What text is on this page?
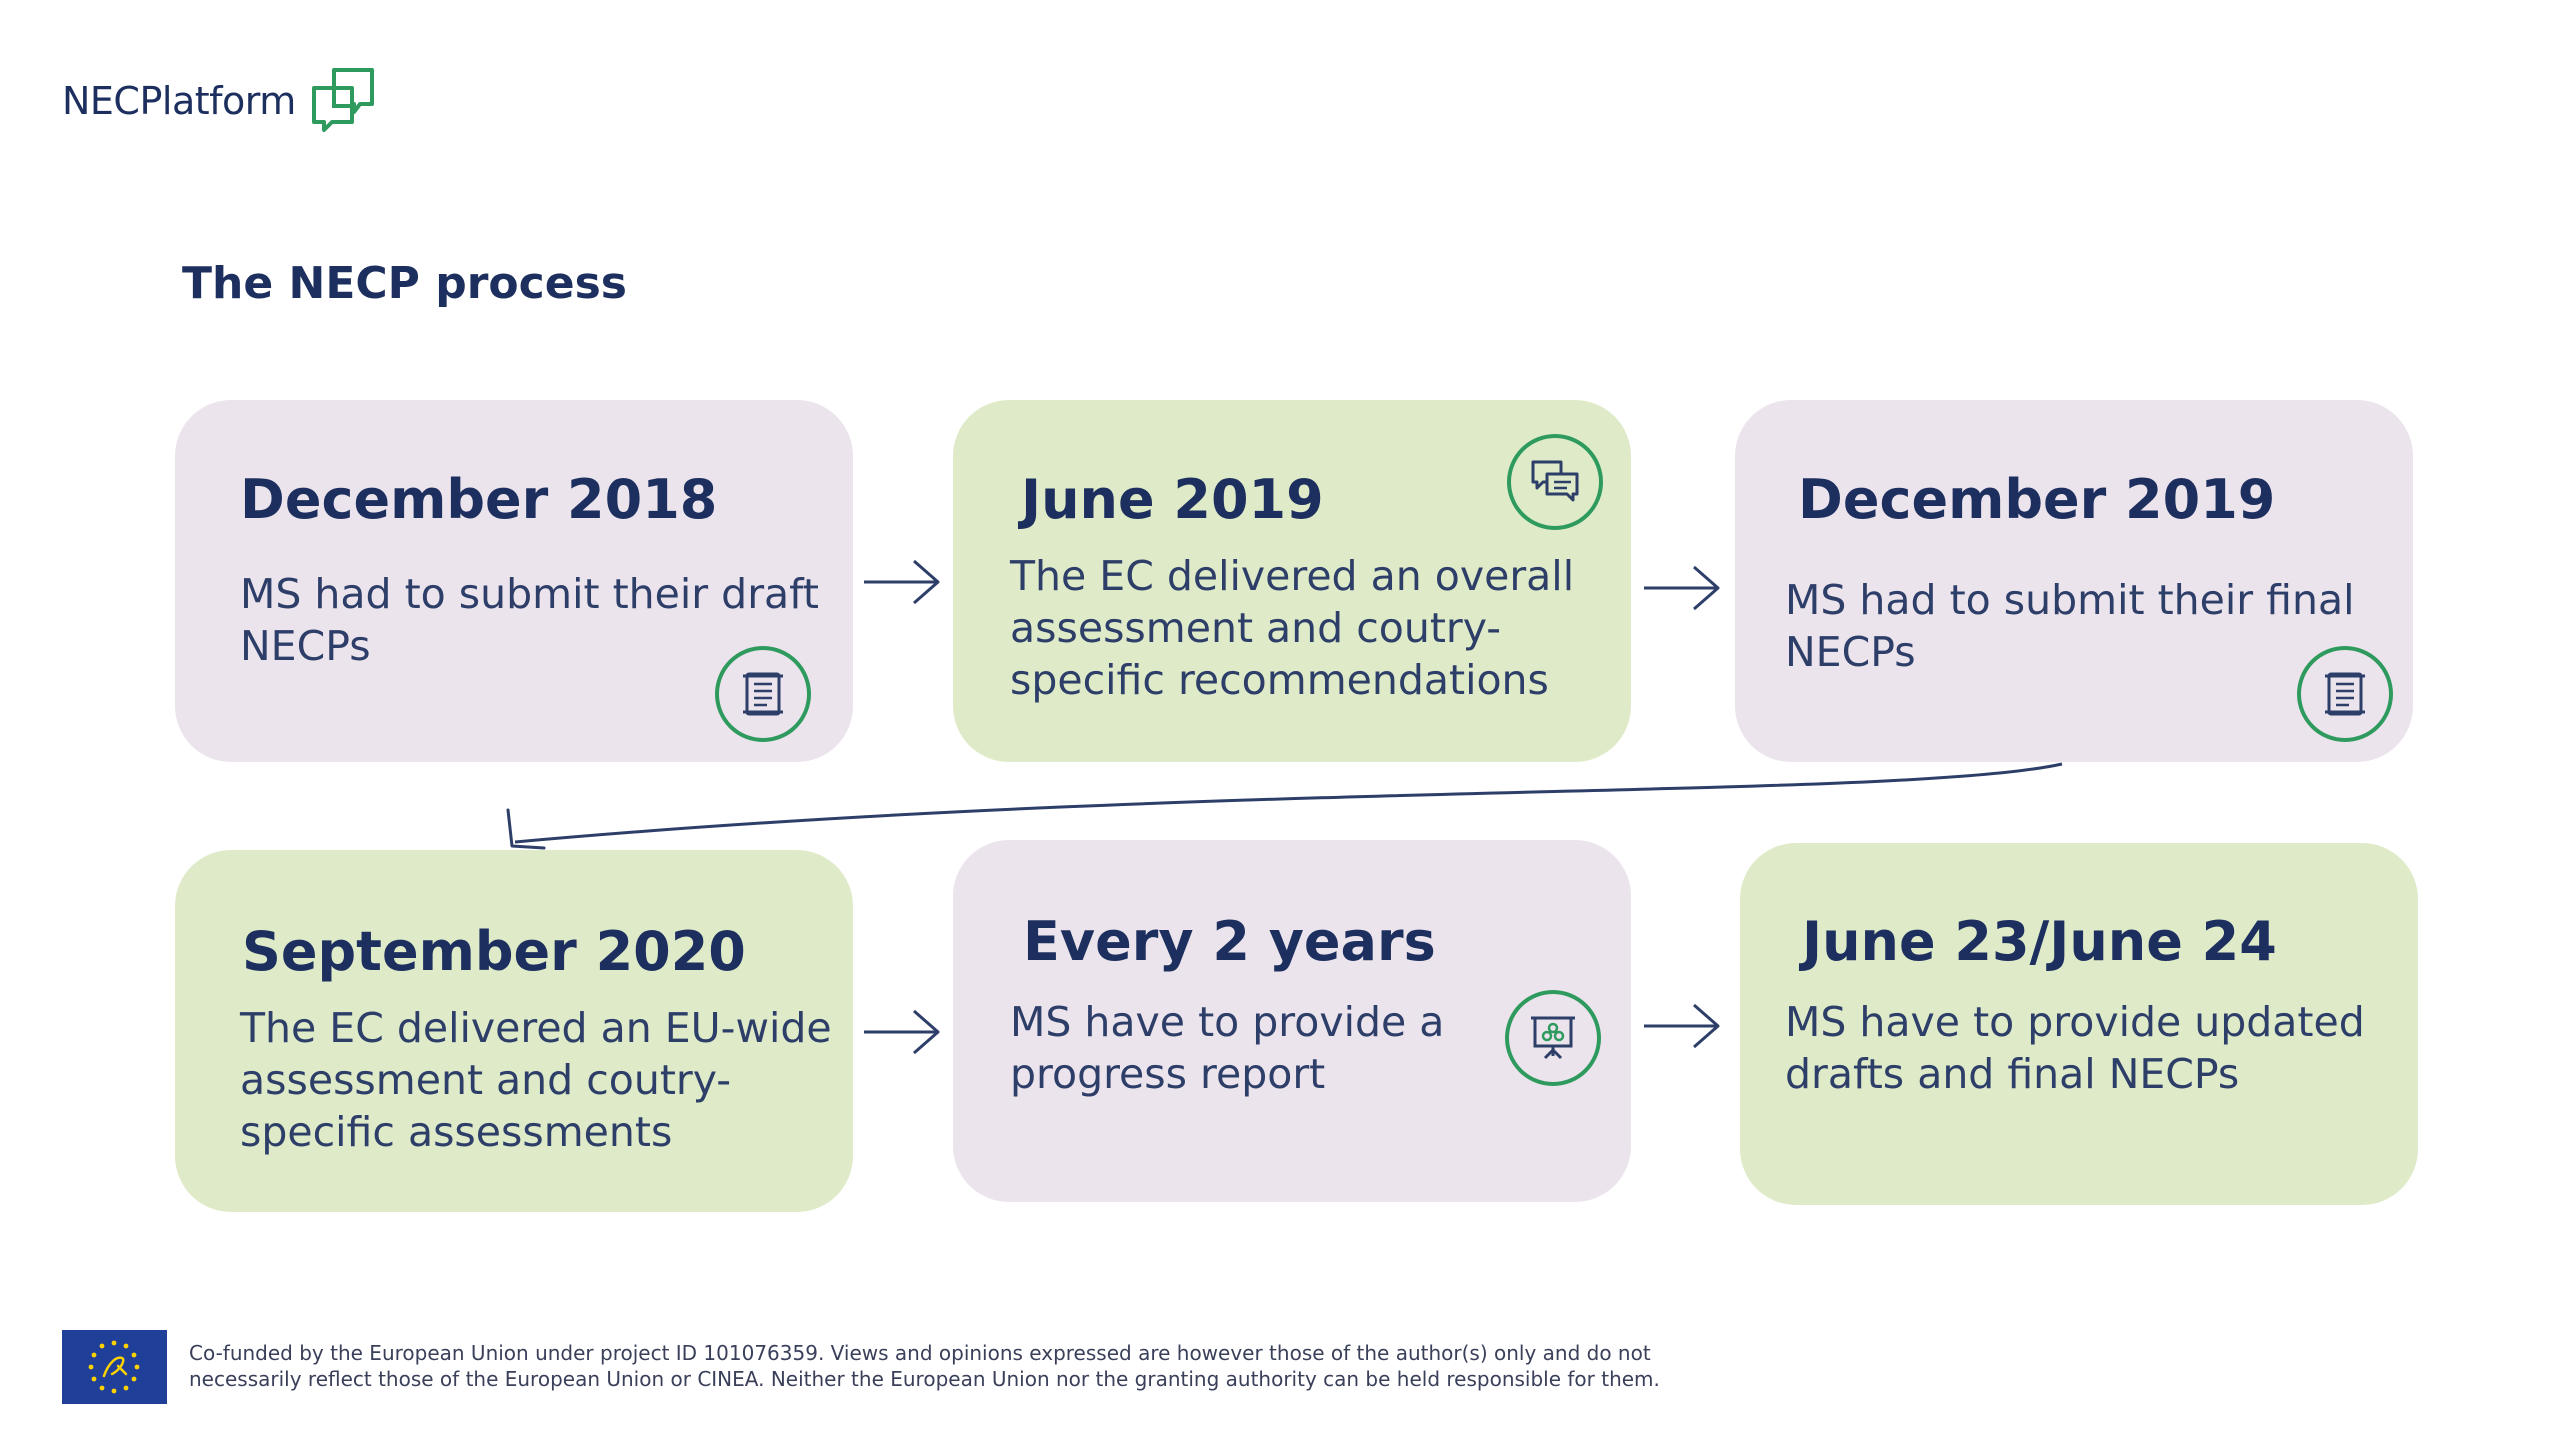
NECPlatform
The NECP process
December 2018
MS had to submit their draft NECPs
June 2019
The EC delivered an overall assessment and coutry-specific recommendations
December 2019
MS had to submit their final NECPs
September 2020
The EC delivered an EU-wide assessment and coutry-specific assessments
Every 2 years
MS have to provide a progress report
June 23/June 24
MS have to provide updated drafts and final NECPs
Co-funded by the European Union under project ID 101076359. Views and opinions expressed are however those of the author(s) only and do not
necessarily reflect those of the European Union or CINEA. Neither the European Union nor the granting authority can be held responsible for them.
